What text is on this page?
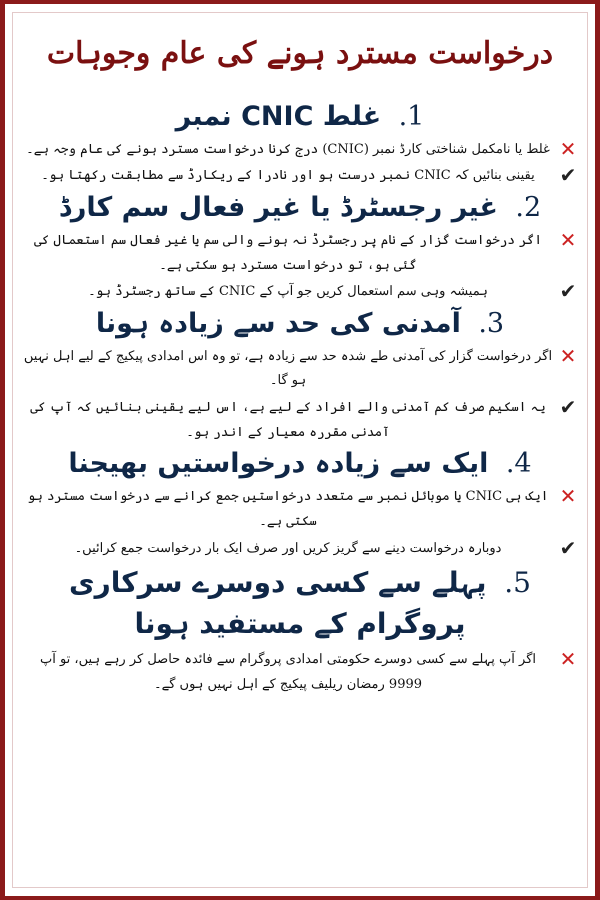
درخواست مسترد ہونے کی عام وجوہات
1. غلط CNIC نمبر
✕
غلط یا نامکمل شناختی کارڈ نمبر (CNIC) درج کرنا درخواست مسترد ہونے کی عام وجہ ہے۔
✔
یقینی بنائیں کہ CNIC نمبر درست ہو اور نادرا کے ریکارڈ سے مطابقت رکھتا ہو۔
2. غیر رجسٹرڈ یا غیر فعال سم کارڈ
✕
اگر درخواست گزار کے نام پر رجسٹرڈ نہ ہونے والی سم یا غیر فعال سم استعمال کی گئی ہو، تو درخواست مسترد ہو سکتی ہے۔
✔
ہمیشہ وہی سم استعمال کریں جو آپ کے CNIC کے ساتھ رجسٹرڈ ہو۔
3. آمدنی کی حد سے زیادہ ہونا
✕
اگر درخواست گزار کی آمدنی طے شدہ حد سے زیادہ ہے، تو وہ اس امدادی پیکیج کے لیے اہل نہیں ہو گا۔
✔
یہ اسکیم صرف کم آمدنی والے افراد کے لیے ہے، اس لیے یقینی بنائیں کہ آپ کی آمدنی مقررہ معیار کے اندر ہو۔
4. ایک سے زیادہ درخواستیں بھیجنا
✕
ایک ہی CNIC یا موبائل نمبر سے متعدد درخواستیں جمع کرانے سے درخواست مسترد ہو سکتی ہے۔
✔
دوبارہ درخواست دینے سے گریز کریں اور صرف ایک بار درخواست جمع کرائیں۔
5. پہلے سے کسی دوسرے سرکاری
پروگرام کے مستفید ہونا
✕
اگر آپ پہلے سے کسی دوسرے حکومتی امدادی پروگرام سے فائدہ حاصل کر رہے ہیں، تو آپ 9999 رمضان ریلیف پیکیج کے اہل نہیں ہوں گے۔
